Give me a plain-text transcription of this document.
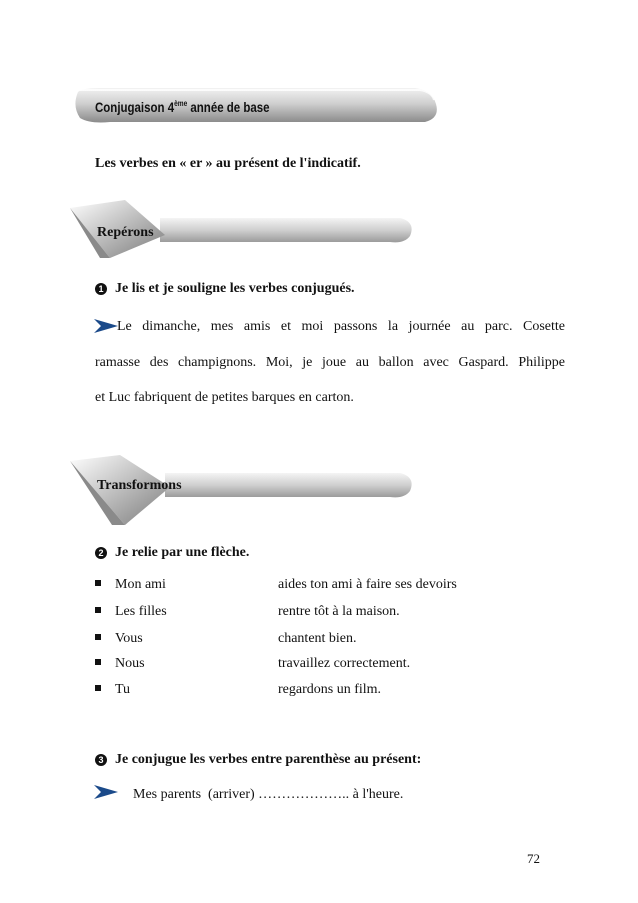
Conjugaison 4ème année de base
Les verbes en « er » au présent de l'indicatif.
Repérons
1 Je lis et je souligne les verbes conjugués.
Le dimanche, mes amis et moi passons la journée au parc. Cosette
ramasse des champignons. Moi, je joue au ballon avec Gaspard. Philippe
et Luc fabriquent de petites barques en carton.
Transformons
2 Je relie par une flèche.
Mon ami	aides ton ami à faire ses devoirs
Les filles	rentre tôt à la maison.
Vous	chantent bien.
Nous	travaillez correctement.
Tu	regardons un film.
3 Je conjugue les verbes entre parenthèse au présent:
Mes parents  (arriver) ……………….. à l'heure.
72
